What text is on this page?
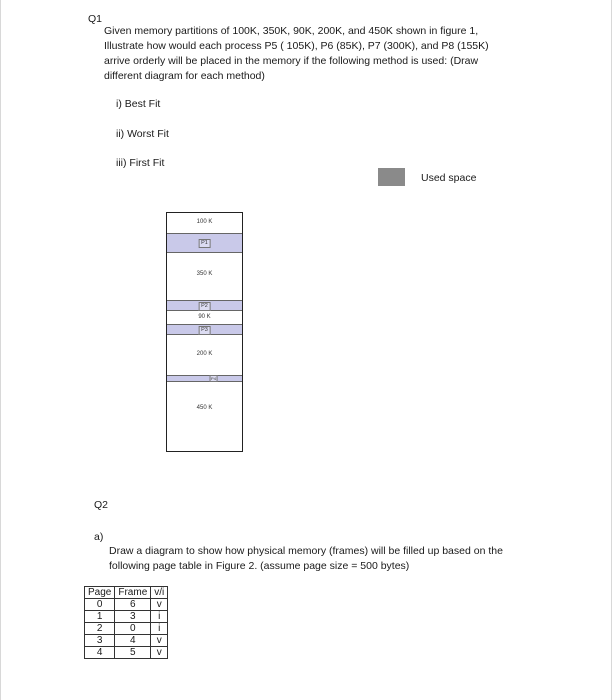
Q1
Given memory partitions of 100K, 350K, 90K, 200K, and 450K shown in figure 1,
Illustrate how would each process P5 ( 105K), P6 (85K), P7 (300K), and P8 (155K)
arrive orderly will be placed in the memory if the following method is used: (Draw
different diagram for each method)
i) Best Fit
ii) Worst Fit
iii) First Fit
Used space
100 K
P1
350 K
P2
90 K
P3
200 K
P4
450 K
Q2
a)
Draw a diagram to show how physical memory (frames) will be filled up based on the
following page table in Figure 2. (assume page size = 500 bytes)
Page	Frame	v/i
0	6	v
1	3	i
2	0	i
3	4	v
4	5	v
